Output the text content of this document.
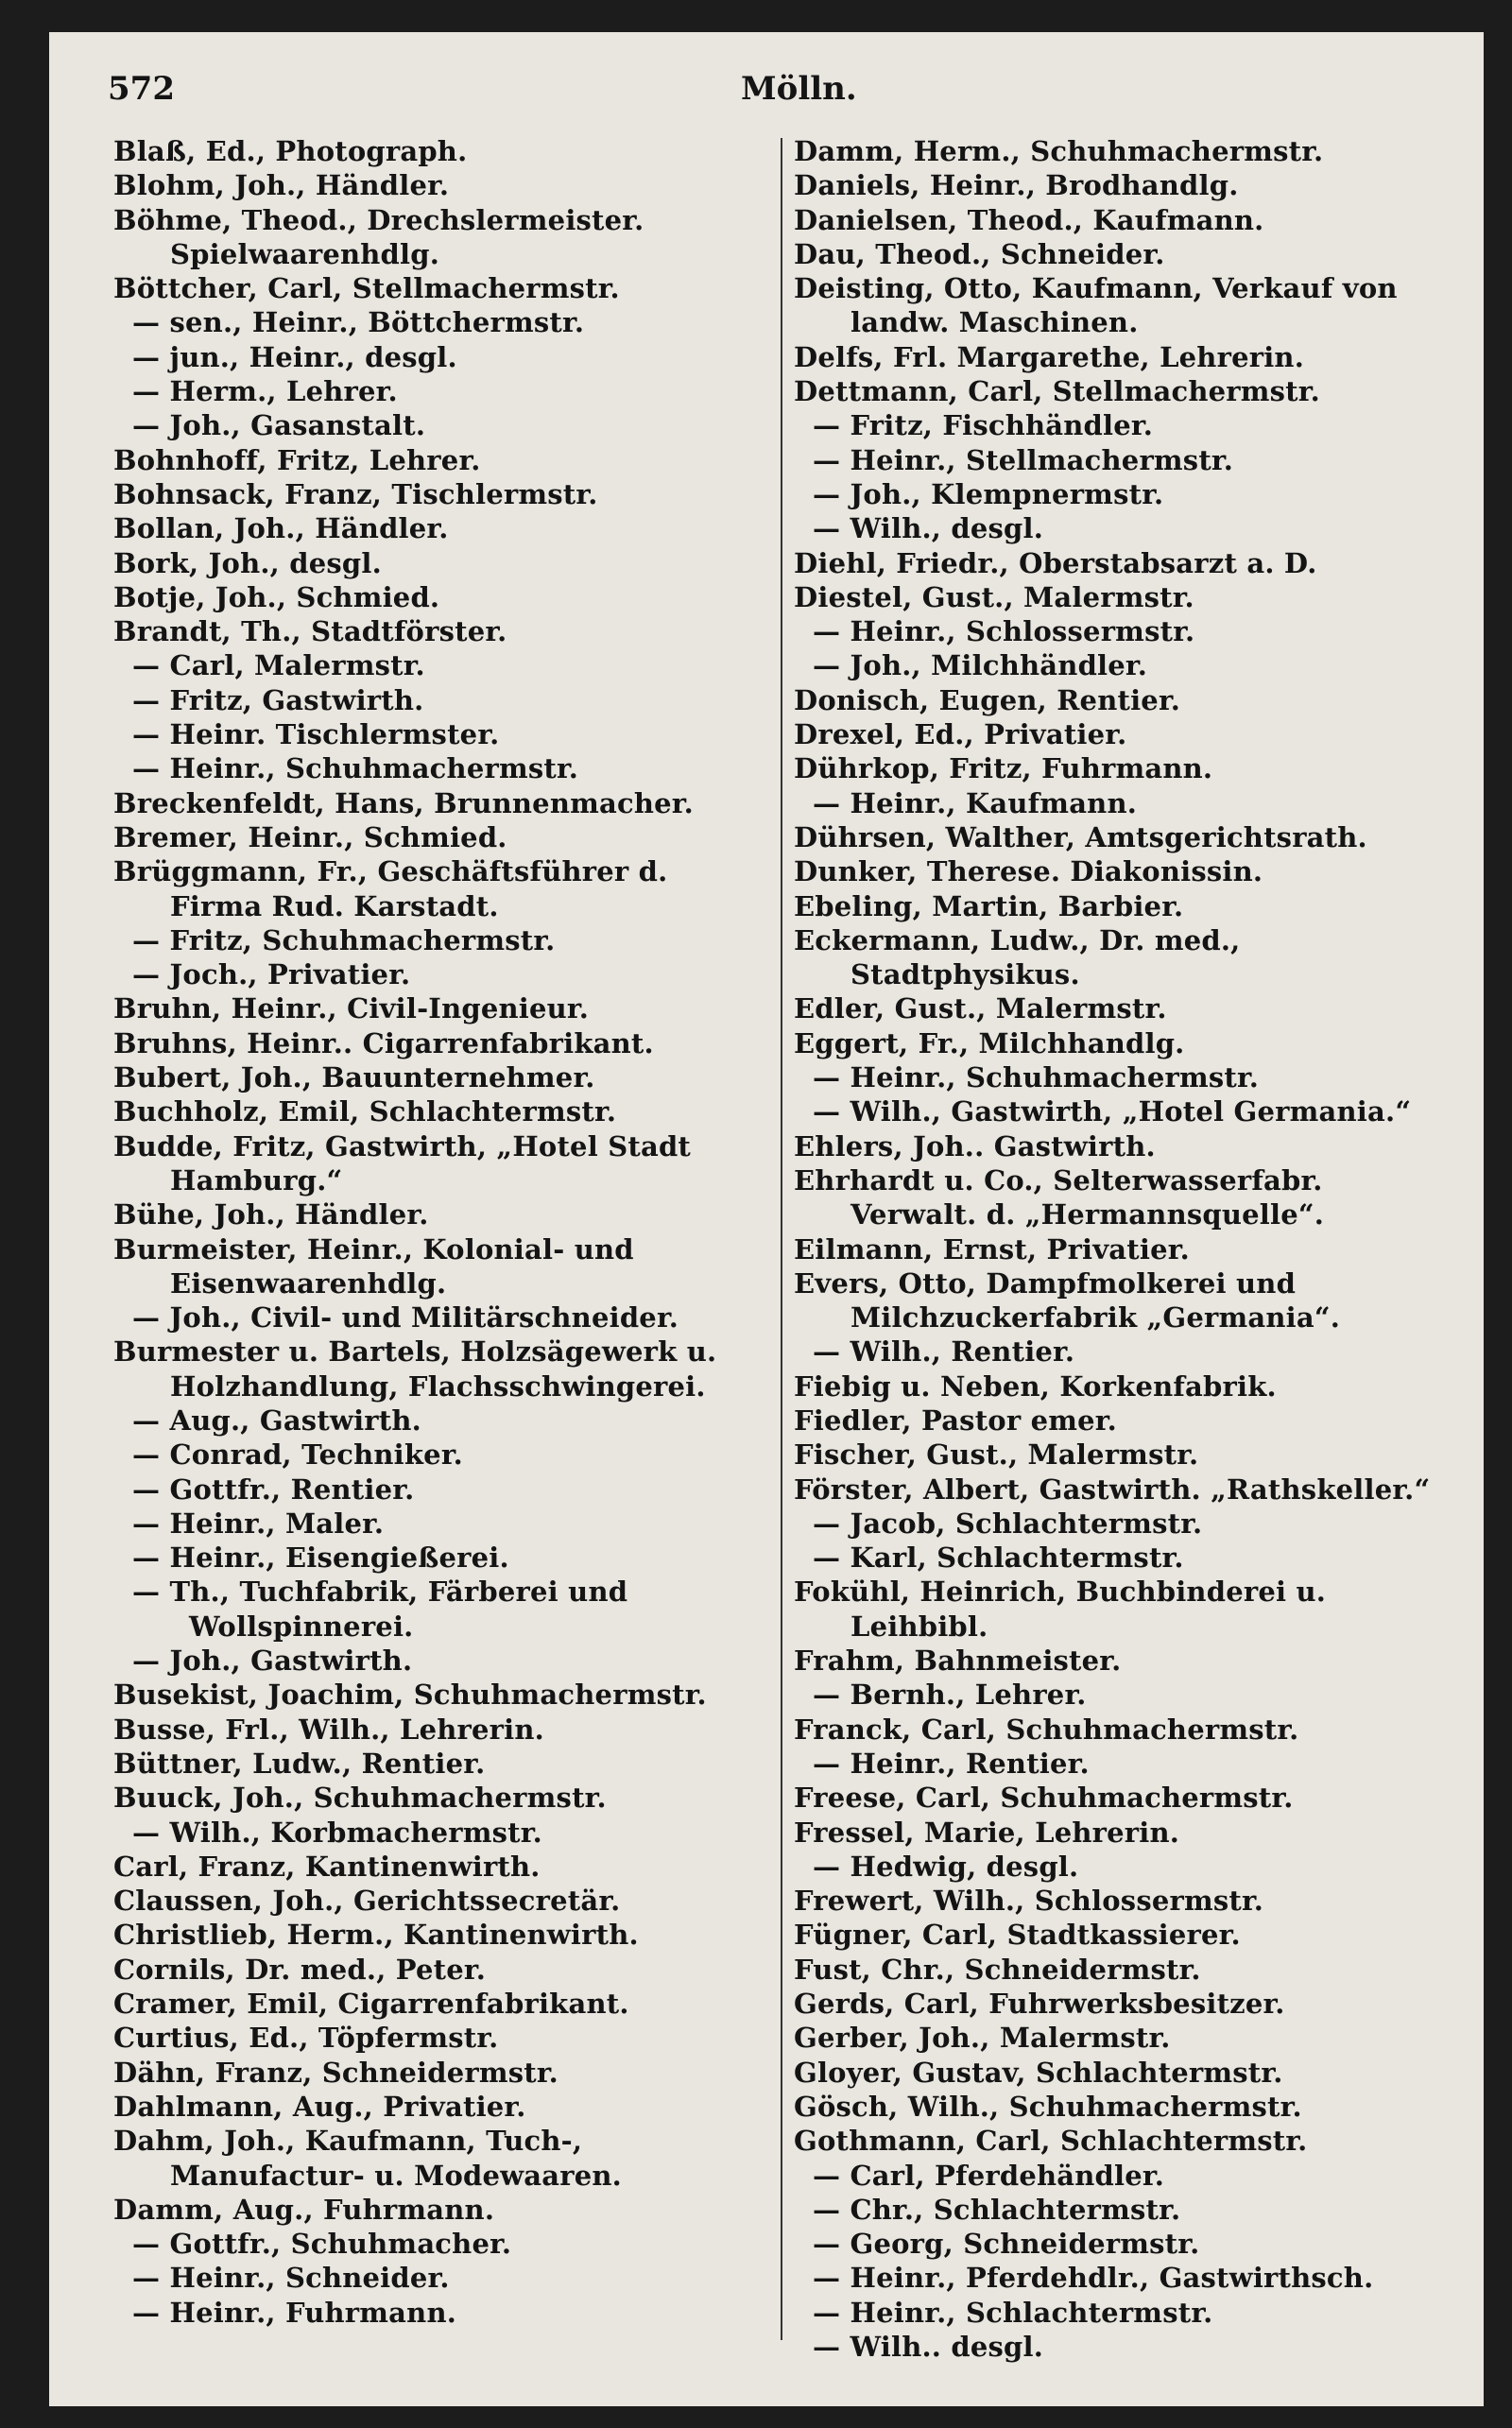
572	Mölln.

Blaß, Ed., Photograph.

Blohm, Joh., Händler.

Böhme, Theod., Drechslermeister. Spielwaarenhdlg.

Böttcher, Carl, Stellmachermstr.

— sen., Heinr., Böttchermstr.

— jun., Heinr., desgl.

— Herm., Lehrer.

— Joh., Gasanstalt.

Bohnhoff, Fritz, Lehrer.

Bohnsack, Franz, Tischlermstr.

Bollan, Joh., Händler.

Bork, Joh., desgl.

Botje, Joh., Schmied.

Brandt, Th., Stadtförster.

— Carl, Malermstr.

— Fritz, Gastwirth.

— Heinr. Tischlermster.

— Heinr., Schuhmachermstr.

Breckenfeldt, Hans, Brunnenmacher.

Bremer, Heinr., Schmied.

Brüggmann, Fr., Geschäftsführer d. Firma Rud. Karstadt.

— Fritz, Schuhmachermstr.

— Joch., Privatier.

Bruhn, Heinr., Civil-Ingenieur.

Bruhns, Heinr.. Cigarrenfabrikant.

Bubert, Joh., Bauunternehmer.

Buchholz, Emil, Schlachtermstr.

Budde, Fritz, Gastwirth, „Hotel Stadt Hamburg.“

Bühe, Joh., Händler.

Burmeister, Heinr., Kolonial- und Eisenwaarenhdlg.

— Joh., Civil- und Militärschneider.

Burmester u. Bartels, Holzsägewerk u. Holzhandlung, Flachsschwingerei.

— Aug., Gastwirth.

— Conrad, Techniker.

— Gottfr., Rentier.

— Heinr., Maler.

— Heinr., Eisengießerei.

— Th., Tuchfabrik, Färberei und Wollspinnerei.

— Joh., Gastwirth.

Busekist, Joachim, Schuhmachermstr.

Busse, Frl., Wilh., Lehrerin.

Büttner, Ludw., Rentier.

Buuck, Joh., Schuhmachermstr.

— Wilh., Korbmachermstr.

Carl, Franz, Kantinenwirth.

Claussen, Joh., Gerichtssecretär.

Christlieb, Herm., Kantinenwirth.

Cornils, Dr. med., Peter.

Cramer, Emil, Cigarrenfabrikant.

Curtius, Ed., Töpfermstr.

Dähn, Franz, Schneidermstr.

Dahlmann, Aug., Privatier.

Dahm, Joh., Kaufmann, Tuch-, Manufactur- u. Modewaaren.

Damm, Aug., Fuhrmann.

— Gottfr., Schuhmacher.

— Heinr., Schneider.

— Heinr., Fuhrmann.

Damm, Herm., Schuhmachermstr.

Daniels, Heinr., Brodhandlg.

Danielsen, Theod., Kaufmann.

Dau, Theod., Schneider.

Deisting, Otto, Kaufmann, Verkauf von landw. Maschinen.

Delfs, Frl. Margarethe, Lehrerin.

Dettmann, Carl, Stellmachermstr.

— Fritz, Fischhändler.

— Heinr., Stellmachermstr.

— Joh., Klempnermstr.

— Wilh., desgl.

Diehl, Friedr., Oberstabsarzt a. D.

Diestel, Gust., Malermstr.

— Heinr., Schlossermstr.

— Joh., Milchhändler.

Donisch, Eugen, Rentier.

Drexel, Ed., Privatier.

Dührkop, Fritz, Fuhrmann.

— Heinr., Kaufmann.

Dührsen, Walther, Amtsgerichtsrath.

Dunker, Therese. Diakonissin.

Ebeling, Martin, Barbier.

Eckermann, Ludw., Dr. med., Stadtphysikus.

Edler, Gust., Malermstr.

Eggert, Fr., Milchhandlg.

— Heinr., Schuhmachermstr.

— Wilh., Gastwirth, „Hotel Germania.“

Ehlers, Joh.. Gastwirth.

Ehrhardt u. Co., Selterwasserfabr. Verwalt. d. „Hermannsquelle“.

Eilmann, Ernst, Privatier.

Evers, Otto, Dampfmolkerei und Milchzuckerfabrik „Germania“.

— Wilh., Rentier.

Fiebig u. Neben, Korkenfabrik.

Fiedler, Pastor emer.

Fischer, Gust., Malermstr.

Förster, Albert, Gastwirth. „Rathskeller.“

— Jacob, Schlachtermstr.

— Karl, Schlachtermstr.

Fokühl, Heinrich, Buchbinderei u. Leihbibl.

Frahm, Bahnmeister.

— Bernh., Lehrer.

Franck, Carl, Schuhmachermstr.

— Heinr., Rentier.

Freese, Carl, Schuhmachermstr.

Fressel, Marie, Lehrerin.

— Hedwig, desgl.

Frewert, Wilh., Schlossermstr.

Fügner, Carl, Stadtkassierer.

Fust, Chr., Schneidermstr.

Gerds, Carl, Fuhrwerksbesitzer.

Gerber, Joh., Malermstr.

Gloyer, Gustav, Schlachtermstr.

Gösch, Wilh., Schuhmachermstr.

Gothmann, Carl, Schlachtermstr.

— Carl, Pferdehändler.

— Chr., Schlachtermstr.

— Georg, Schneidermstr.

— Heinr., Pferdehdlr., Gastwirthsch.

— Heinr., Schlachtermstr.

— Wilh.. desgl.
